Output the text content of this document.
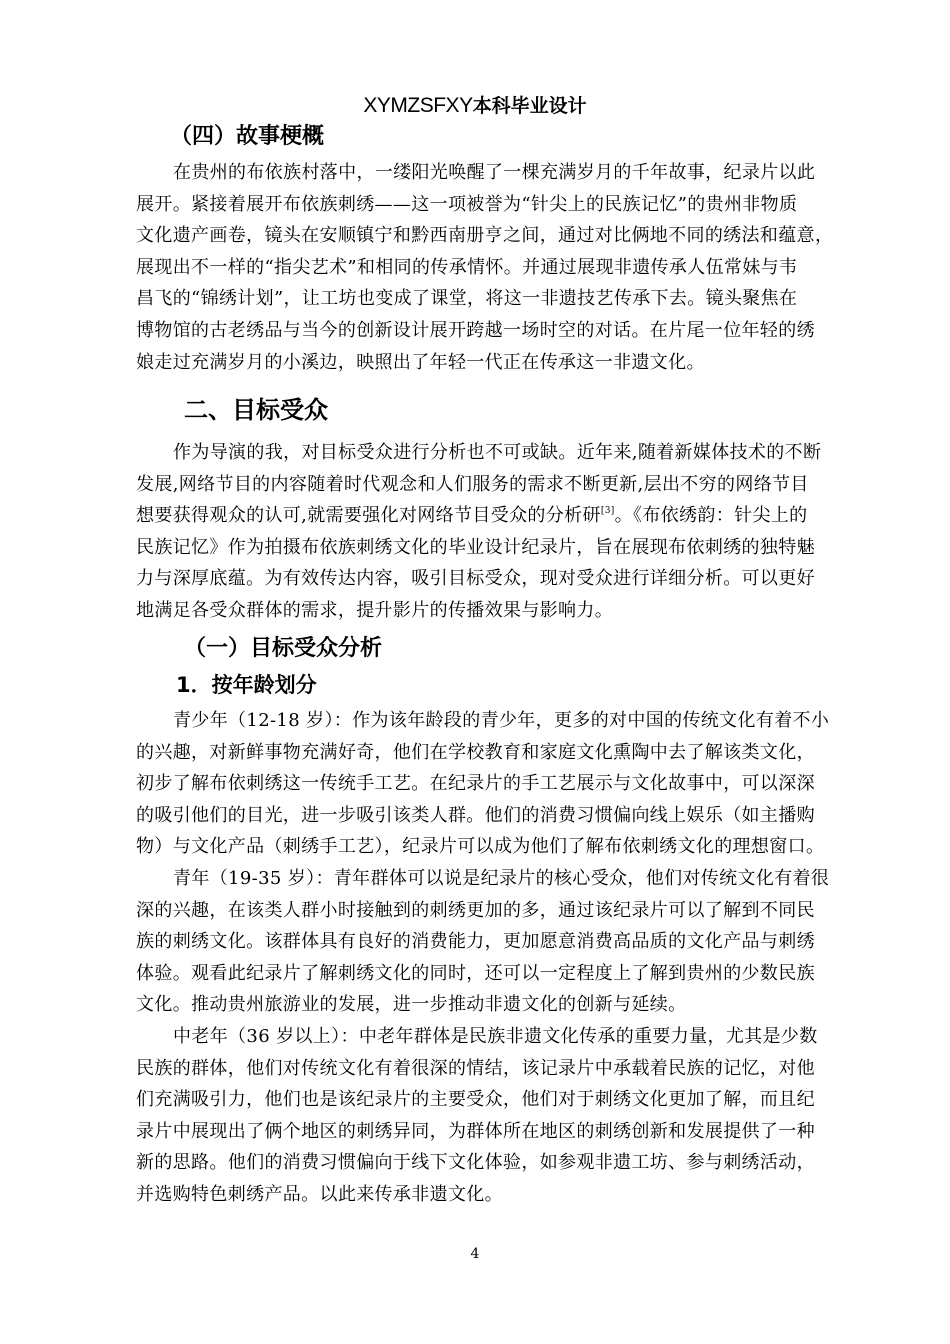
XYMZSFXY本科毕业设计
（四）故事梗概

在贵州的布依族村落中，一缕阳光唤醒了一棵充满岁月的千年故事，纪录片以此

展开。紧接着展开布依族刺绣——这一项被誉为“针尖上的民族记忆”的贵州非物质

文化遗产画卷，镜头在安顺镇宁和黔西南册亨之间，通过对比俩地不同的绣法和蕴意，

展现出不一样的“指尖艺术”和相同的传承情怀。并通过展现非遗传承人伍常妹与韦

昌飞的“锦绣计划”，让工坊也变成了课堂，将这一非遗技艺传承下去。镜头聚焦在

博物馆的古老绣品与当今的创新设计展开跨越一场时空的对话。在片尾一位年轻的绣

娘走过充满岁月的小溪边，映照出了年轻一代正在传承这一非遗文化。

二、目标受众

作为导演的我，对目标受众进行分析也不可或缺。近年来,随着新媒体技术的不断

发展,网络节目的内容随着时代观念和人们服务的需求不断更新,层出不穷的网络节目

想要获得观众的认可,就需要强化对网络节目受众的分析研[3]。《布依绣韵：针尖上的

民族记忆》作为拍摄布依族刺绣文化的毕业设计纪录片，旨在展现布依刺绣的独特魅

力与深厚底蕴。为有效传达内容，吸引目标受众，现对受众进行详细分析。可以更好

地满足各受众群体的需求，提升影片的传播效果与影响力。

（一）目标受众分析
1．按年龄划分

青少年（12-18 岁）：作为该年龄段的青少年，更多的对中国的传统文化有着不小

的兴趣，对新鲜事物充满好奇，他们在学校教育和家庭文化熏陶中去了解该类文化，

初步了解布依刺绣这一传统手工艺。在纪录片的手工艺展示与文化故事中，可以深深

的吸引他们的目光，进一步吸引该类人群。他们的消费习惯偏向线上娱乐（如主播购

物）与文化产品（刺绣手工艺），纪录片可以成为他们了解布依刺绣文化的理想窗口。

青年（19-35 岁）：青年群体可以说是纪录片的核心受众，他们对传统文化有着很

深的兴趣，在该类人群小时接触到的刺绣更加的多，通过该纪录片可以了解到不同民

族的刺绣文化。该群体具有良好的消费能力，更加愿意消费高品质的文化产品与刺绣

体验。观看此纪录片了解刺绣文化的同时，还可以一定程度上了解到贵州的少数民族

文化。推动贵州旅游业的发展，进一步推动非遗文化的创新与延续。

中老年（36 岁以上）：中老年群体是民族非遗文化传承的重要力量，尤其是少数

民族的群体，他们对传统文化有着很深的情结，该记录片中承载着民族的记忆，对他

们充满吸引力，他们也是该纪录片的主要受众，他们对于刺绣文化更加了解，而且纪

录片中展现出了俩个地区的刺绣异同，为群体所在地区的刺绣创新和发展提供了一种

新的思路。他们的消费习惯偏向于线下文化体验，如参观非遗工坊、参与刺绣活动，

并选购特色刺绣产品。以此来传承非遗文化。

4
